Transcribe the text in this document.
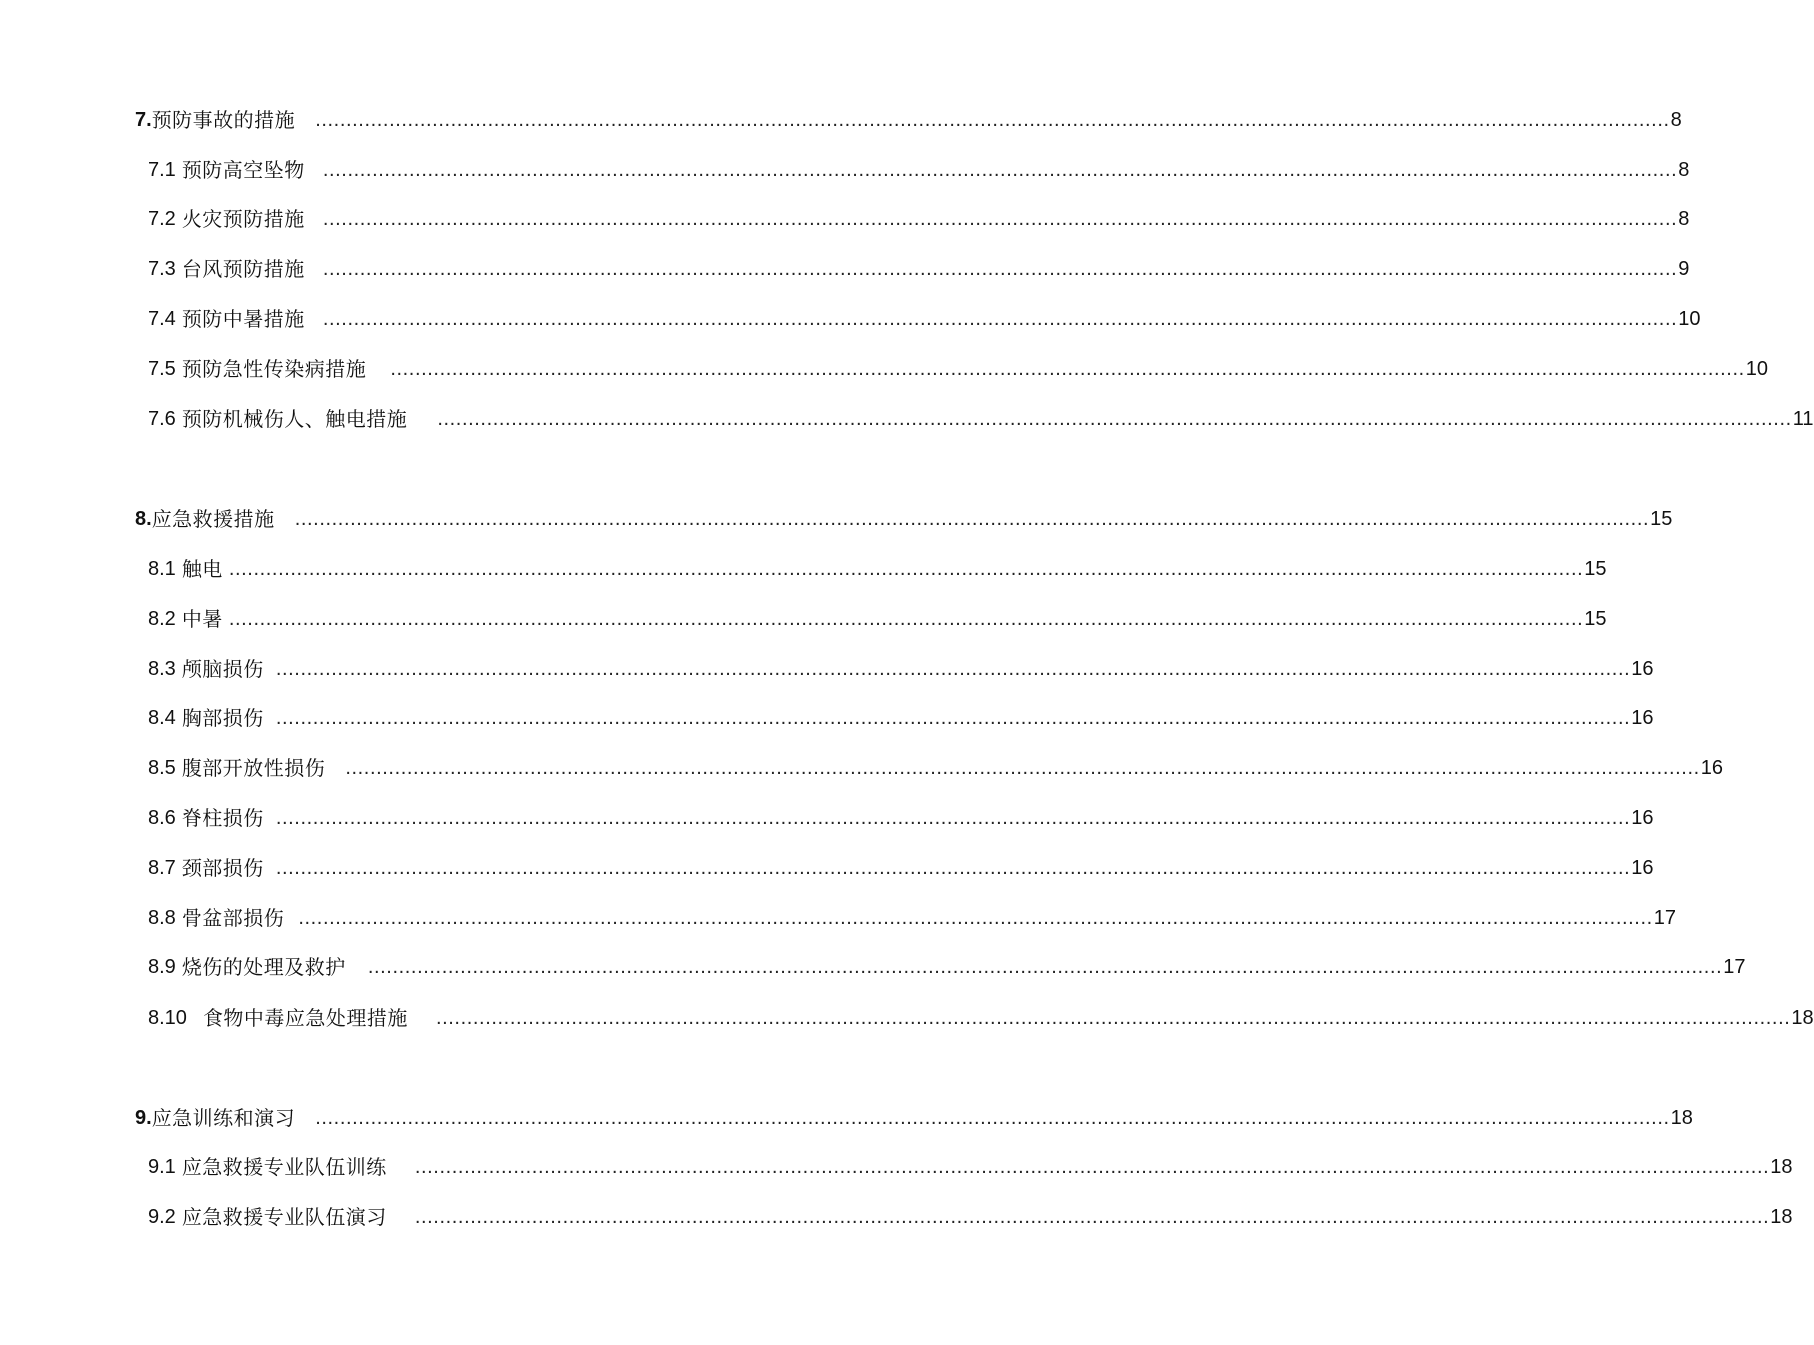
7. 预防事故的措施 ............................................................................................................................................................................................................................ 8
7.1 预防高空坠物 ............................................................................................................................................................................................................................ 8
7.2 火灾预防措施 ............................................................................................................................................................................................................................ 8
7.3 台风预防措施 ............................................................................................................................................................................................................................ 9
7.4 预防中暑措施 ............................................................................................................................................................................................................................ 10
7.5 预防急性传染病措施 ............................................................................................................................................................................................................................ 10
7.6 预防机械伤人、触电措施 ............................................................................................................................................................................................................................ 11
8. 应急救援措施 ............................................................................................................................................................................................................................ 15
8.1 触电 ............................................................................................................................................................................................................................ 15
8.2 中暑 ............................................................................................................................................................................................................................ 15
8.3 颅脑损伤 ............................................................................................................................................................................................................................ 16
8.4 胸部损伤 ............................................................................................................................................................................................................................ 16
8.5 腹部开放性损伤 ............................................................................................................................................................................................................................ 16
8.6 脊柱损伤 ............................................................................................................................................................................................................................ 16
8.7 颈部损伤 ............................................................................................................................................................................................................................ 16
8.8 骨盆部损伤 ............................................................................................................................................................................................................................ 17
8.9 烧伤的处理及救护 ............................................................................................................................................................................................................................ 17
8.10 食物中毒应急处理措施 ............................................................................................................................................................................................................................ 18
9. 应急训练和演习 ............................................................................................................................................................................................................................ 18
9.1 应急救援专业队伍训练 ............................................................................................................................................................................................................................ 18
9.2 应急救援专业队伍演习 ............................................................................................................................................................................................................................ 18
